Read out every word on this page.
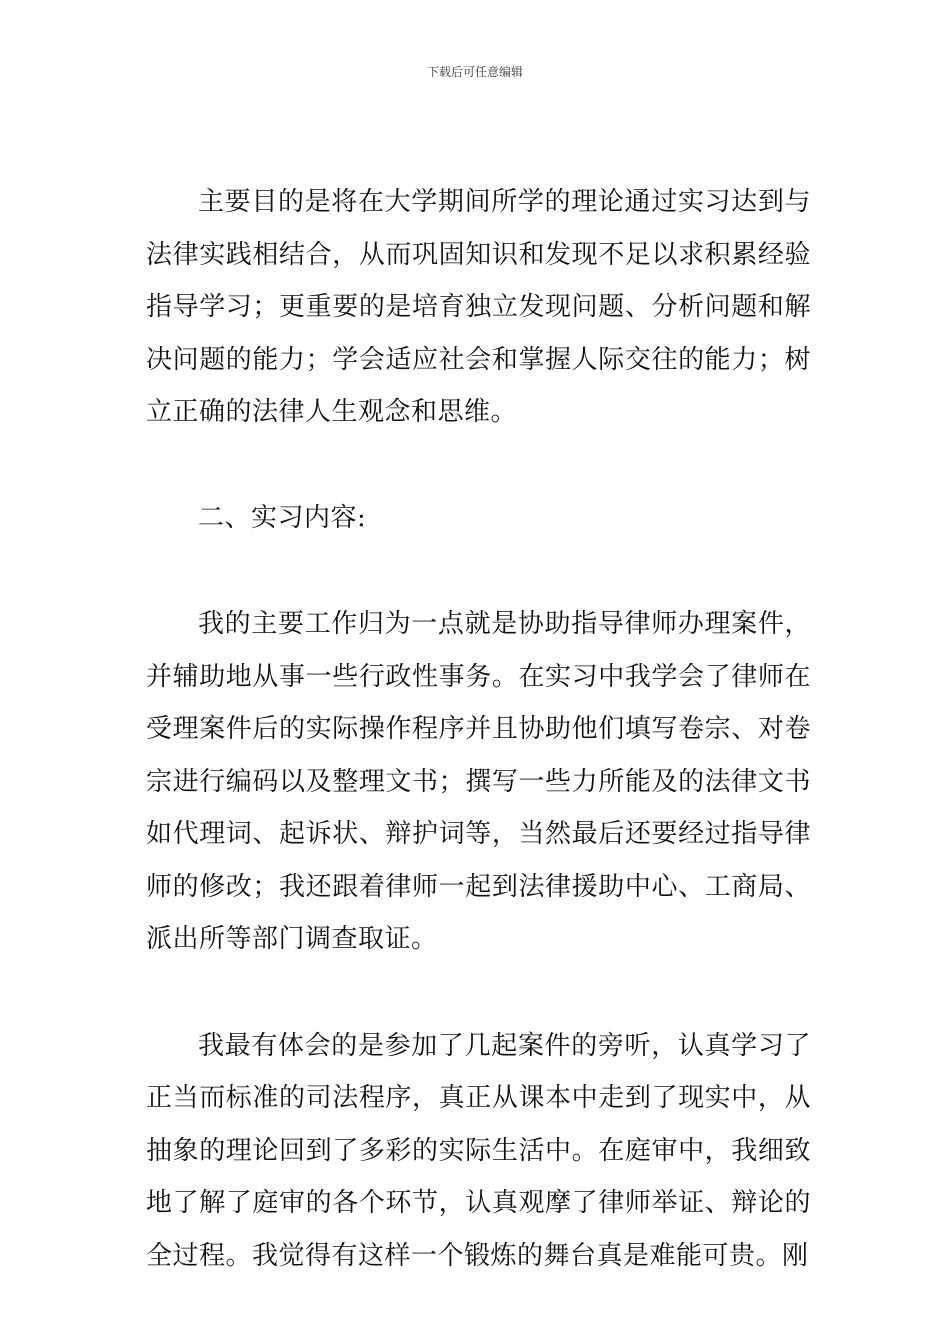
下载后可任意编辑

主要目的是将在大学期间所学的理论通过实习达到与法律实践相结合，从而巩固知识和发现不足以求积累经验指导学习；更重要的是培育独立发现问题、分析问题和解决问题的能力；学会适应社会和掌握人际交往的能力；树立正确的法律人生观念和思维。

二、实习内容:

我的主要工作归为一点就是协助指导律师办理案件，并辅助地从事一些行政性事务。在实习中我学会了律师在受理案件后的实际操作程序并且协助他们填写卷宗、对卷宗进行编码以及整理文书；撰写一些力所能及的法律文书如代理词、起诉状、辩护词等，当然最后还要经过指导律师的修改；我还跟着律师一起到法律援助中心、工商局、派出所等部门调查取证。

我最有体会的是参加了几起案件的旁听，认真学习了正当而标准的司法程序，真正从课本中走到了现实中，从抽象的理论回到了多彩的实际生活中。在庭审中，我细致地了解了庭审的各个环节，认真观摩了律师举证、辩论的全过程。我觉得有这样一个锻炼的舞台真是难能可贵。刚
